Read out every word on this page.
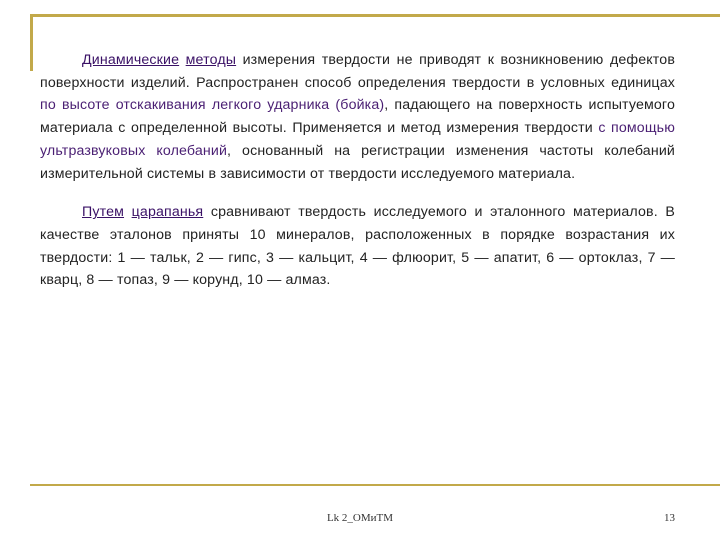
Динамические методы измерения твердости не приводят к возникновению дефектов поверхности изделий. Распространен способ определения твердости в условных единицах по высоте отскакивания легкого ударника (бойка), падающего на поверхность испытуемого материала с определенной высоты. Применяется и метод измерения твердости с помощью ультразвуковых колебаний, основанный на регистрации изменения частоты колебаний измерительной системы в зависимости от твердости исследуемого материала.

Путем царапанья сравнивают твердость исследуемого и эталонного материалов. В качестве эталонов приняты 10 минералов, расположенных в порядке возрастания их твердости: 1 — тальк, 2 — гипс, 3 — кальцит, 4 — флюорит, 5 — апатит, 6 — ортоклаз, 7 — кварц, 8 — топаз, 9 — корунд, 10 — алмаз.

Lk 2_OMиTM	13
